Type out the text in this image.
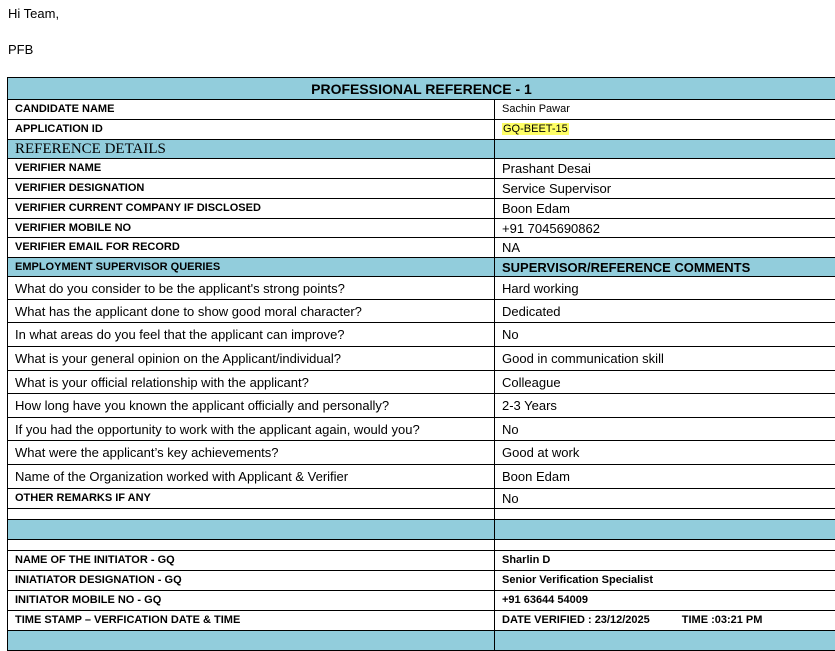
Hi Team,
PFB
PROFESSIONAL REFERENCE - 1	
CANDIDATE NAME	Sachin Pawar
APPLICATION ID	GQ-BEET-15
REFERENCE DETAILS	
VERIFIER NAME	Prashant Desai
VERIFIER DESIGNATION	Service Supervisor
VERIFIER CURRENT COMPANY IF DISCLOSED	Boon Edam
VERIFIER MOBILE NO	+91 7045690862
VERIFIER EMAIL FOR RECORD	NA
EMPLOYMENT SUPERVISOR QUERIES	SUPERVISOR/REFERENCE COMMENTS
What do you consider to be the applicant's strong points?	Hard working
What has the applicant done to show good moral character?	Dedicated
In what areas do you feel that the applicant can improve?	No
What is your general opinion on the Applicant/individual?	Good in communication skill
What is your official relationship with the applicant?	Colleague
How long have you known the applicant officially and personally?	2-3 Years
If you had the opportunity to work with the applicant again, would you?	No
What were the applicant’s key achievements?	Good at work
Name of the Organization worked with Applicant & Verifier	Boon Edam
OTHER REMARKS IF ANY	No

NAME OF THE INITIATOR - GQ	Sharlin D
INIATIATOR DESIGNATION - GQ	Senior Verification Specialist
INITIATOR MOBILE NO - GQ	+91 63644 54009
TIME STAMP – VERFICATION DATE & TIME	DATE VERIFIED : 23/12/2025 TIME :03:21 PM
